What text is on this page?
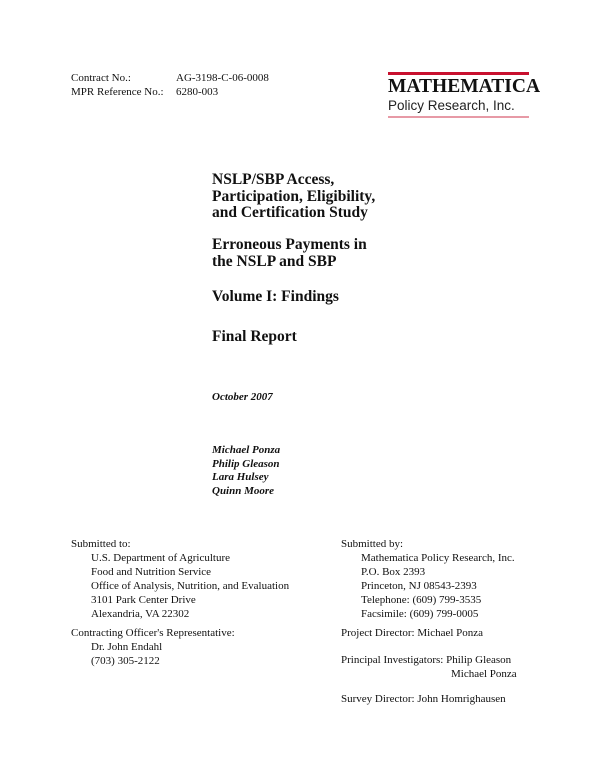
Contract No.:	AG-3198-C-06-0008
MPR Reference No.: 6280-003	MATHEMATICA
Policy Research, Inc.
NSLP/SBP Access,
Participation, Eligibility,
and Certification Study
Erroneous Payments in
the NSLP and SBP
Volume I: Findings
Final Report
October 2007
Michael Ponza
Philip Gleason
Lara Hulsey
Quinn Moore
Submitted to:
U.S. Department of Agriculture
Food and Nutrition Service
Office of Analysis, Nutrition, and Evaluation
3101 Park Center Drive
Alexandria, VA 22302
Contracting Officer's Representative:
Dr. John Endahl
(703) 305-2122
Submitted by:
Mathematica Policy Research, Inc.
P.O. Box 2393
Princeton, NJ 08543-2393
Telephone: (609) 799-3535
Facsimile: (609) 799-0005
Project Director: Michael Ponza
Principal Investigators: Philip Gleason
Michael Ponza
Survey Director: John Homrighausen
